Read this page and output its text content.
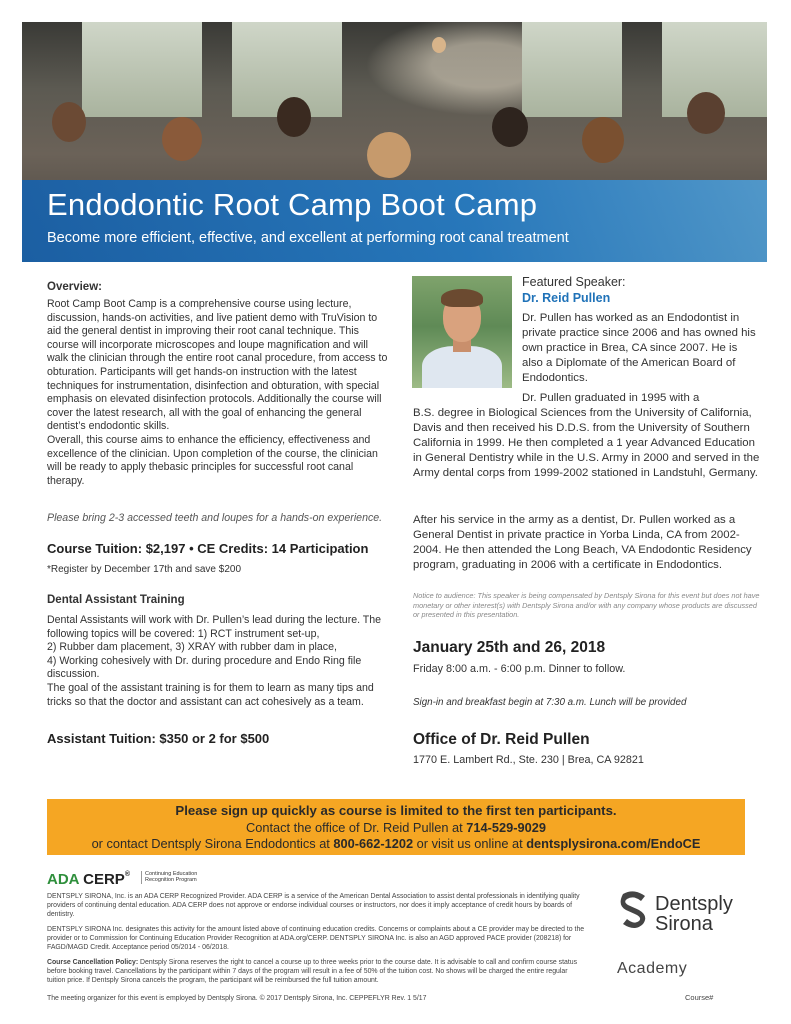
Endodontic Root Camp Boot Camp
Become more efficient, effective, and excellent at performing root canal treatment
Overview:
Root Camp Boot Camp is a comprehensive course using lecture, discussion, hands-on activities, and live patient demo with TruVision to aid the general dentist in improving their root canal technique. This course will incorporate microscopes and loupe magnification and will walk the clinician through the entire root canal procedure, from access to obturation. Participants will get hands-on instruction with the latest techniques for instrumentation, disinfection and obturation, with special emphasis on elevated disinfection protocols. Additionally the course will cover the latest research, all with the goal of enhancing the general dentist’s endodontic skills.
Overall, this course aims to enhance the efficiency, effectiveness and excellence of the clinician. Upon completion of the course, the clinician will be ready to apply thebasic principles for successful root canal therapy.
Please bring 2-3 accessed teeth and loupes for a hands-on experience.
Course Tuition: $2,197 • CE Credits: 14 Participation
*Register by December 17th and save $200
Dental Assistant Training
Dental Assistants will work with Dr. Pullen’s lead during the lecture. The following topics will be covered: 1) RCT instrument set-up,
2) Rubber dam placement, 3) XRAY with rubber dam in place,
4) Working cohesively with Dr. during procedure and Endo Ring file discussion.
The goal of the assistant training is for them to learn as many tips and tricks so that the doctor and assistant can act cohesively as a team.
Assistant Tuition: $350 or 2 for $500
Featured Speaker:
Dr. Reid Pullen
Dr. Pullen has worked as an Endodontist in private practice since 2006 and has owned his own practice in Brea, CA since 2007. He is also a Diplomate of the American Board of Endodontics.
Dr. Pullen graduated in 1995 with a
B.S. degree in Biological Sciences from the University of California, Davis and then received his D.D.S. from the University of Southern California in 1999. He then completed a 1 year Advanced Education in General Dentistry while in the U.S. Army in 2000 and served in the Army dental corps from 1999-2002 stationed in Landstuhl, Germany.
After his service in the army as a dentist, Dr. Pullen worked as a General Dentist in private practice in Yorba Linda, CA from 2002-2004. He then attended the Long Beach, VA Endodontic Residency program, graduating in 2006 with a certificate in Endodontics.
Notice to audience: This speaker is being compensated by Dentsply Sirona for this event but does not have monetary or other interest(s) with Dentsply Sirona and/or with any company whose products are discussed or presented in this presentation.
January 25th and 26, 2018
Friday 8:00 a.m. - 6:00 p.m. Dinner to follow.
Sign-in and breakfast begin at 7:30 a.m. Lunch will be provided
Office of Dr. Reid Pullen
1770 E. Lambert Rd., Ste. 230 | Brea, CA 92821
Please sign up quickly as course is limited to the first ten participants.
Contact the office of Dr. Reid Pullen at 714-529-9029
or contact Dentsply Sirona Endodontics at 800-662-1202 or visit us online at dentsplysirona.com/EndoCE
ADA CERP®	Continuing Education
Recognition Program
DENTSPLY SIRONA, Inc. is an ADA CERP Recognized Provider. ADA CERP is a service of the American Dental Association to assist dental professionals in identifying quality providers of continuing dental education. ADA CERP does not approve or endorse individual courses or instructors, nor does it imply acceptance of credit hours by boards of dentistry.
DENTSPLY SIRONA Inc. designates this activity for the amount listed above of continuing education credits. Concerns or complaints about a CE provider may be directed to the provider or to Commission for Continuing Education Provider Recognition at ADA.org/CERP. DENTSPLY SIRONA Inc. is also an AGD approved PACE provider (208218) for FAGD/MAGD Credit. Acceptance period 05/2014 - 06/2018.
Course Cancellation Policy: Dentsply Sirona reserves the right to cancel a course up to three weeks prior to the course date. It is advisable to call and confirm course status before booking travel. Cancellations by the participant within 7 days of the program will result in a fee of 50% of the tuition cost. No shows will be charged the entire regular tuition price. If Dentsply Sirona cancels the program, the participant will be reimbursed the full tuition amount.
The meeting organizer for this event is employed by Dentsply Sirona. © 2017 Dentsply Sirona, Inc. CEPPEFLYR Rev. 1 5/17
Dentsply
Sirona
Academy
Course#
